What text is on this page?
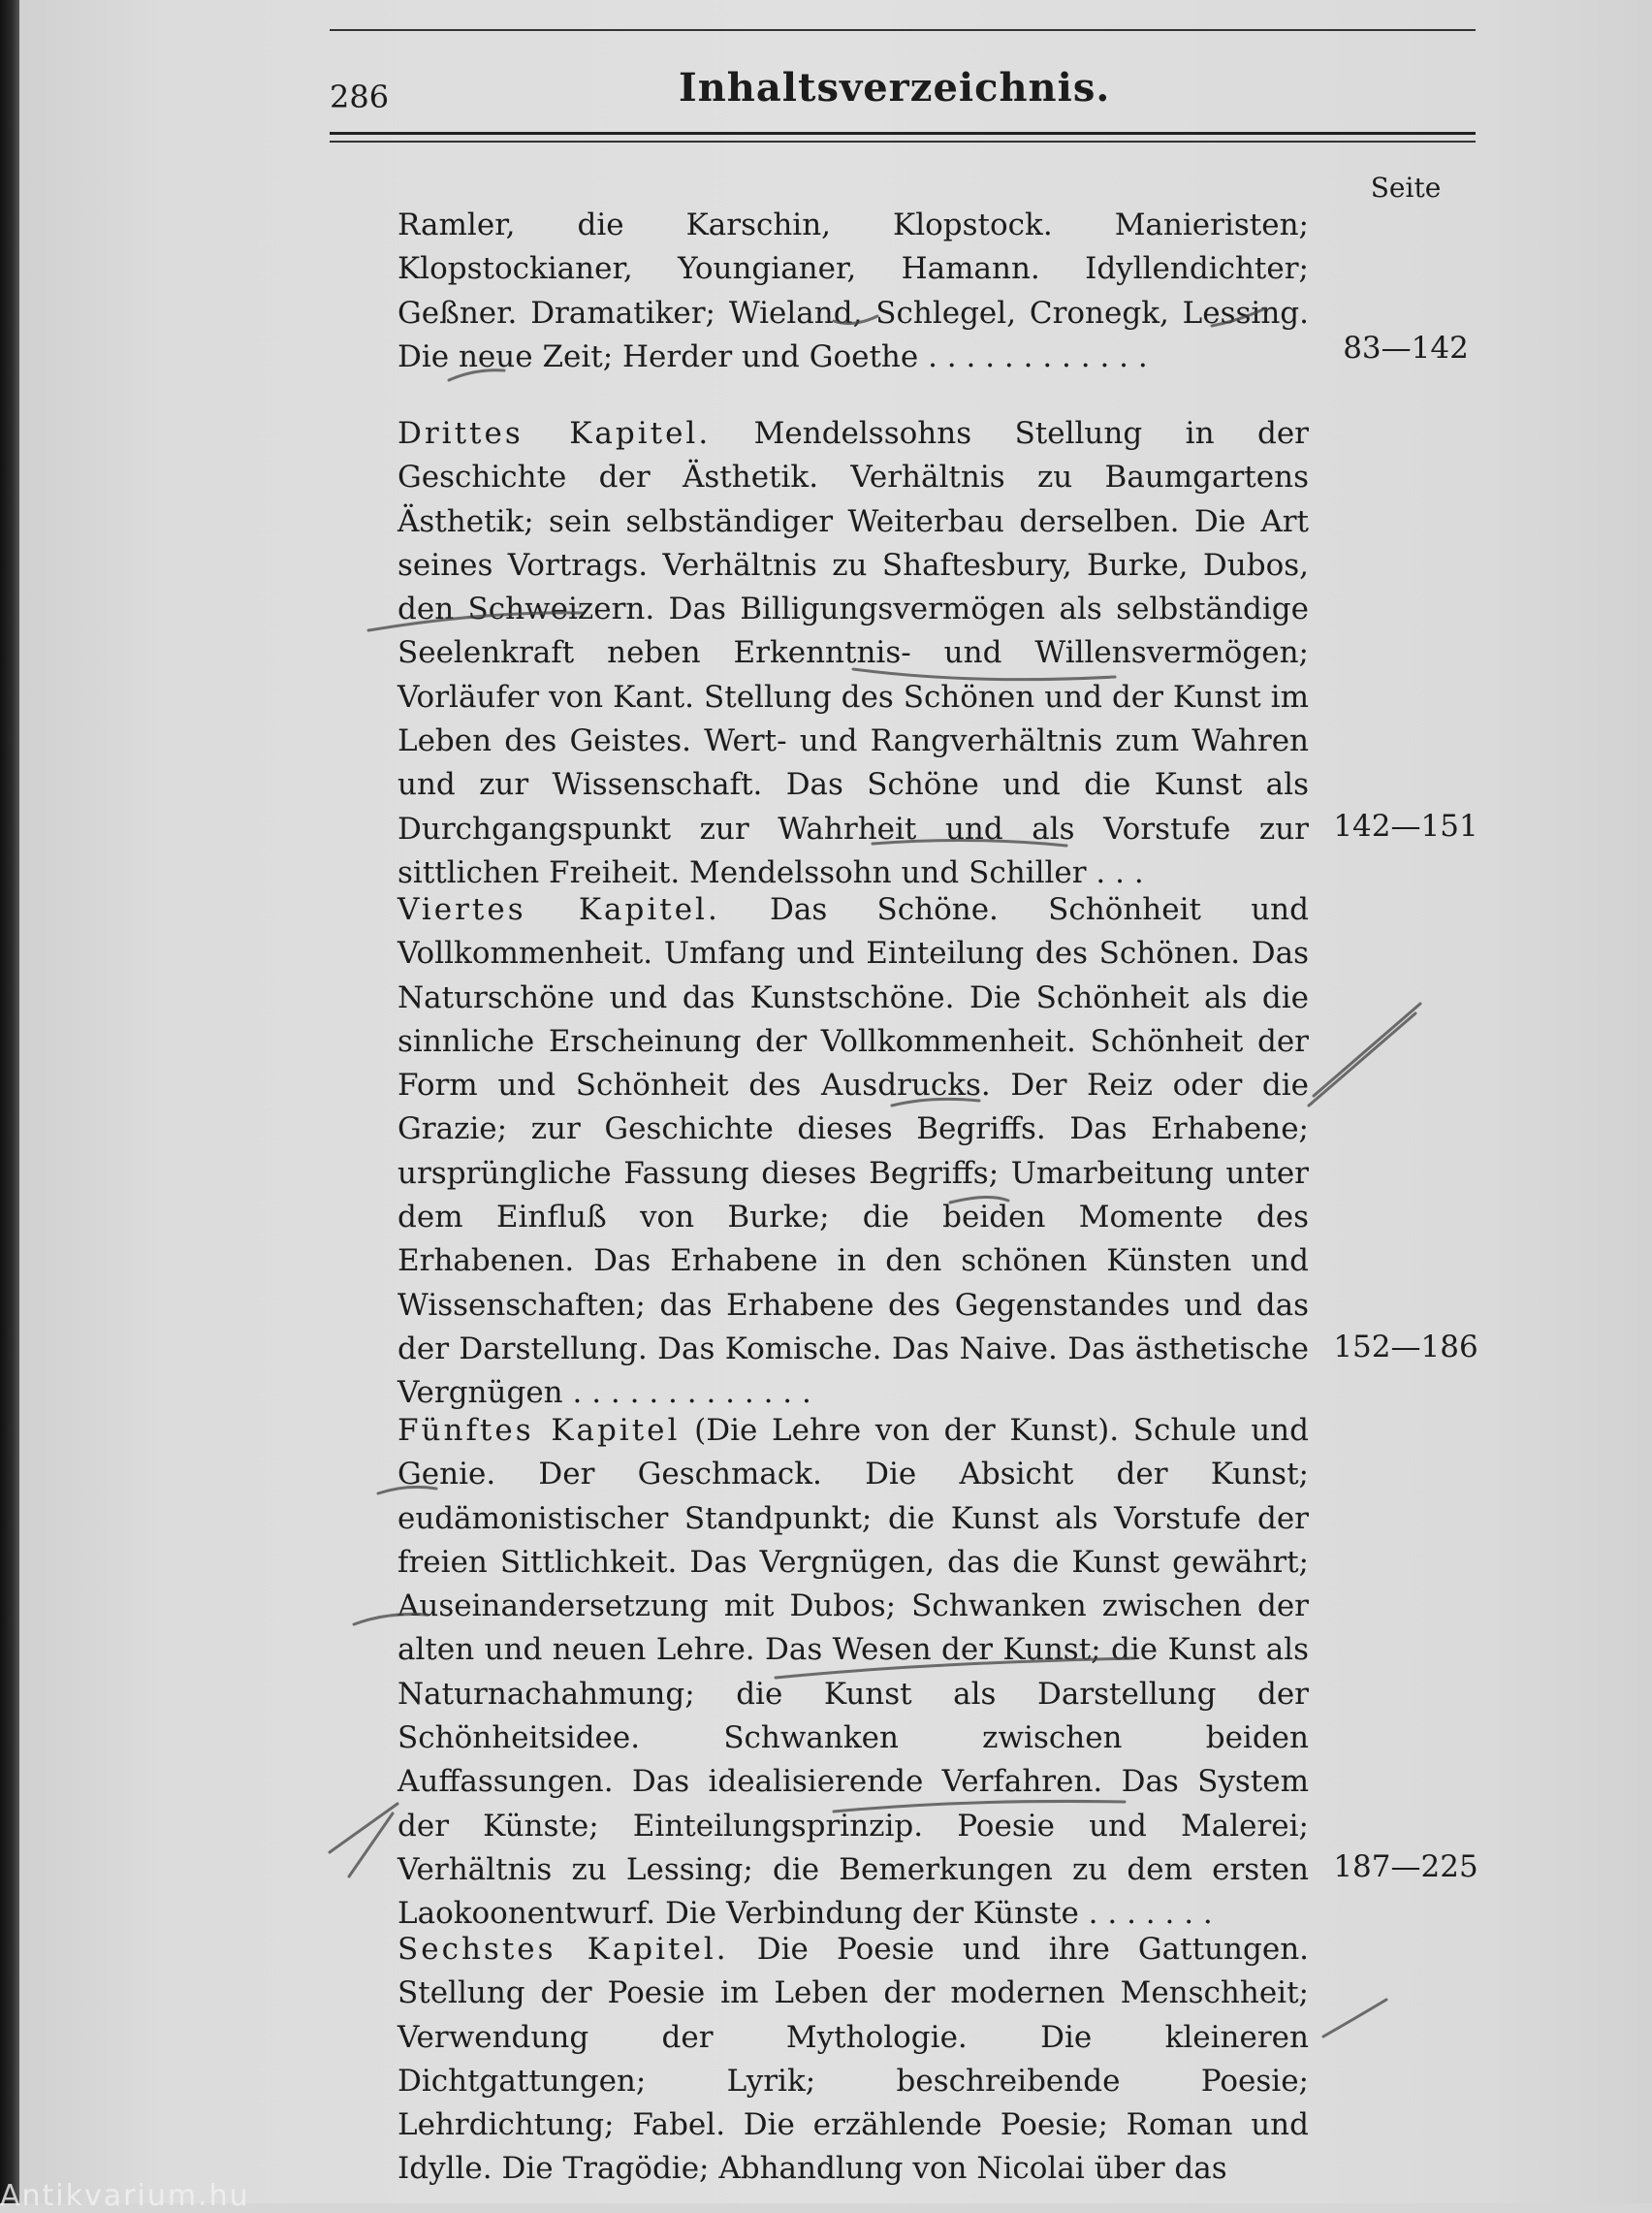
286	Inhaltsverzeichnis.
Seite
Ramler, die Karschin, Klopstock. Manieristen; Klopstockianer, Youngianer, Hamann. Idyllendichter; Geßner. Dramatiker; Wieland, Schlegel, Cronegk, Lessing. Die neue Zeit; Herder und Goethe . . . . . . . . . . . .	83—142
Drittes Kapitel. Mendelssohns Stellung in der Geschichte der Ästhetik. Verhältnis zu Baumgartens Ästhetik; sein selbständiger Weiterbau derselben. Die Art seines Vortrags. Verhältnis zu Shaftesbury, Burke, Dubos, den Schweizern. Das Billigungsvermögen als selbständige Seelenkraft neben Erkenntnis- und Willensvermögen; Vorläufer von Kant. Stellung des Schönen und der Kunst im Leben des Geistes. Wert- und Rangverhältnis zum Wahren und zur Wissenschaft. Das Schöne und die Kunst als Durchgangspunkt zur Wahrheit und als Vorstufe zur sittlichen Freiheit. Mendelssohn und Schiller . . .
142—151
Viertes Kapitel. Das Schöne. Schönheit und Vollkommenheit. Umfang und Einteilung des Schönen. Das Naturschöne und das Kunstschöne. Die Schönheit als die sinnliche Erscheinung der Vollkommenheit. Schönheit der Form und Schönheit des Ausdrucks. Der Reiz oder die Grazie; zur Geschichte dieses Begriffs. Das Erhabene; ursprüngliche Fassung dieses Begriffs; Umarbeitung unter dem Einfluß von Burke; die beiden Momente des Erhabenen. Das Erhabene in den schönen Künsten und Wissenschaften; das Erhabene des Gegenstandes und das der Darstellung. Das Komische. Das Naive. Das ästhetische Vergnügen . . . . . . . . . . . . .
152—186
Fünftes Kapitel (Die Lehre von der Kunst). Schule und Genie. Der Geschmack. Die Absicht der Kunst; eudämonistischer Standpunkt; die Kunst als Vorstufe der freien Sittlichkeit. Das Vergnügen, das die Kunst gewährt; Auseinandersetzung mit Dubos; Schwanken zwischen der alten und neuen Lehre. Das Wesen der Kunst; die Kunst als Naturnachahmung; die Kunst als Darstellung der Schönheitsidee. Schwanken zwischen beiden Auffassungen. Das idealisierende Verfahren. Das System der Künste; Einteilungsprinzip. Poesie und Malerei; Verhältnis zu Lessing; die Bemerkungen zu dem ersten Laokoonentwurf. Die Verbindung der Künste . . . . . . .
187—225
Sechstes Kapitel. Die Poesie und ihre Gattungen. Stellung der Poesie im Leben der modernen Menschheit; Verwendung der Mythologie. Die kleineren Dichtgattungen; Lyrik; beschreibende Poesie; Lehrdichtung; Fabel. Die erzählende Poesie; Roman und Idylle. Die Tragödie; Abhandlung von Nicolai über das
Antikvarium.hu
